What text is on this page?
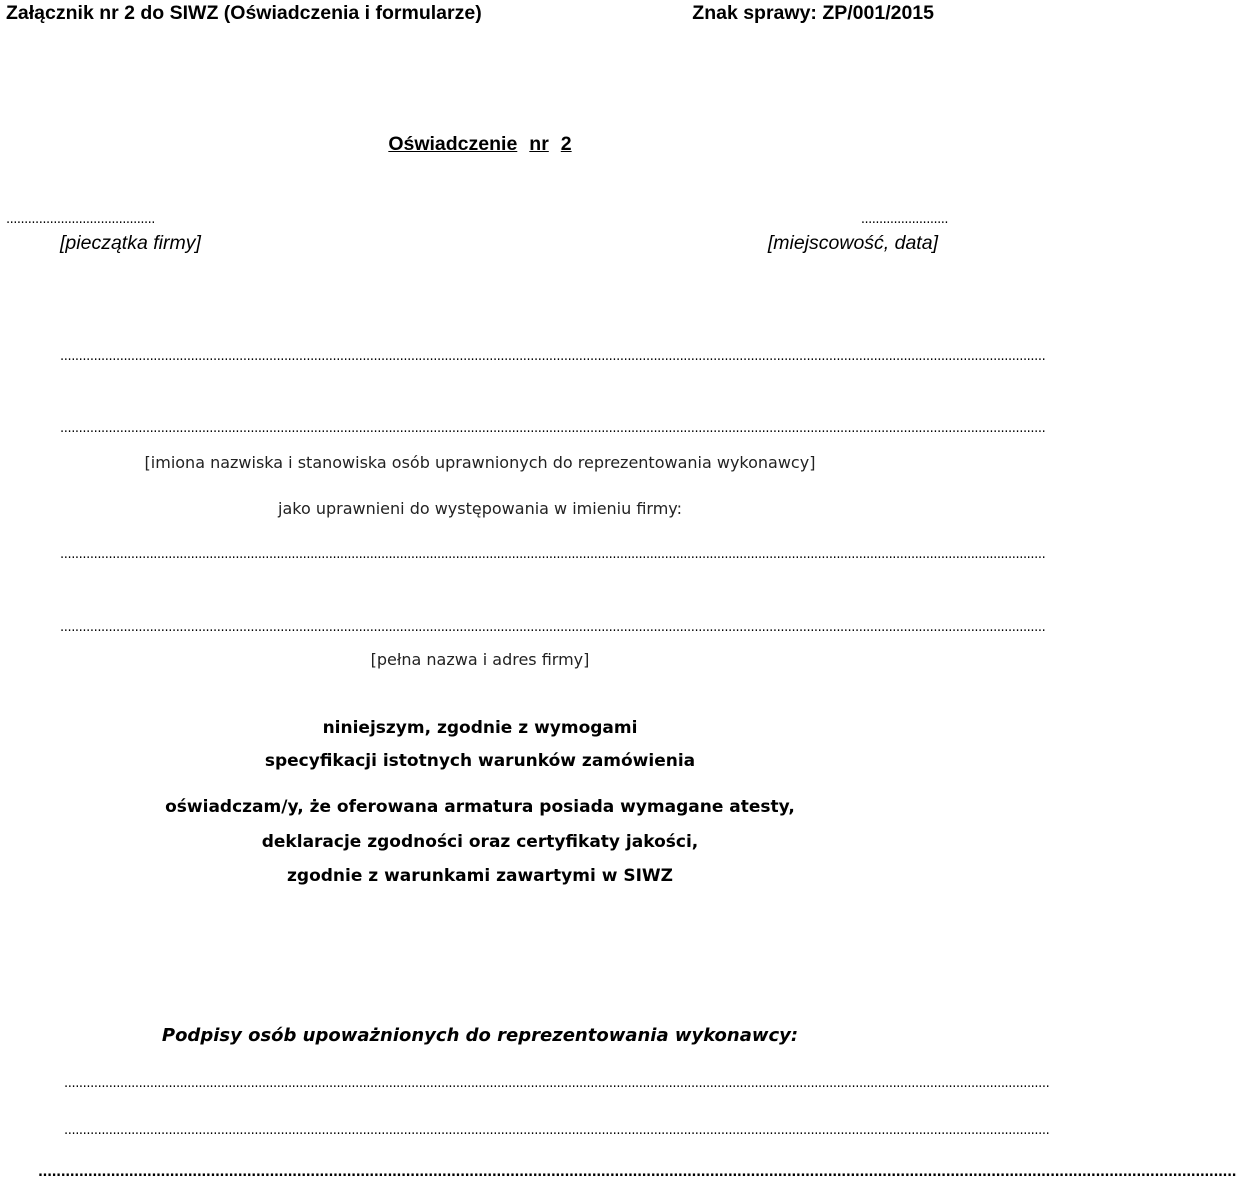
Załącznik nr 2 do SIWZ (Oświadczenia i formularze)	Znak sprawy: ZP/001/2015
Oświadczenie nr 2
.........................................	........................
[pieczątka firmy]	[miejscowość, data]
........................................................................................................................................................................................................................................................................
........................................................................................................................................................................................................................................................................
[imiona nazwiska i stanowiska osób uprawnionych do reprezentowania wykonawcy]
jako uprawnieni do występowania w imieniu firmy:
........................................................................................................................................................................................................................................................................
........................................................................................................................................................................................................................................................................
[pełna nazwa i adres firmy]
niniejszym, zgodnie z wymogami
specyfikacji istotnych warunków zamówienia
oświadczam/y, że oferowana armatura posiada wymagane atesty,
deklaracje zgodności oraz certyfikaty jakości,
zgodnie z warunkami zawartymi w SIWZ
Podpisy osób upoważnionych do reprezentowania wykonawcy:
........................................................................................................................................................................................................................................................................
........................................................................................................................................................................................................................................................................
........................................................................................................................................................................................................................................................................
